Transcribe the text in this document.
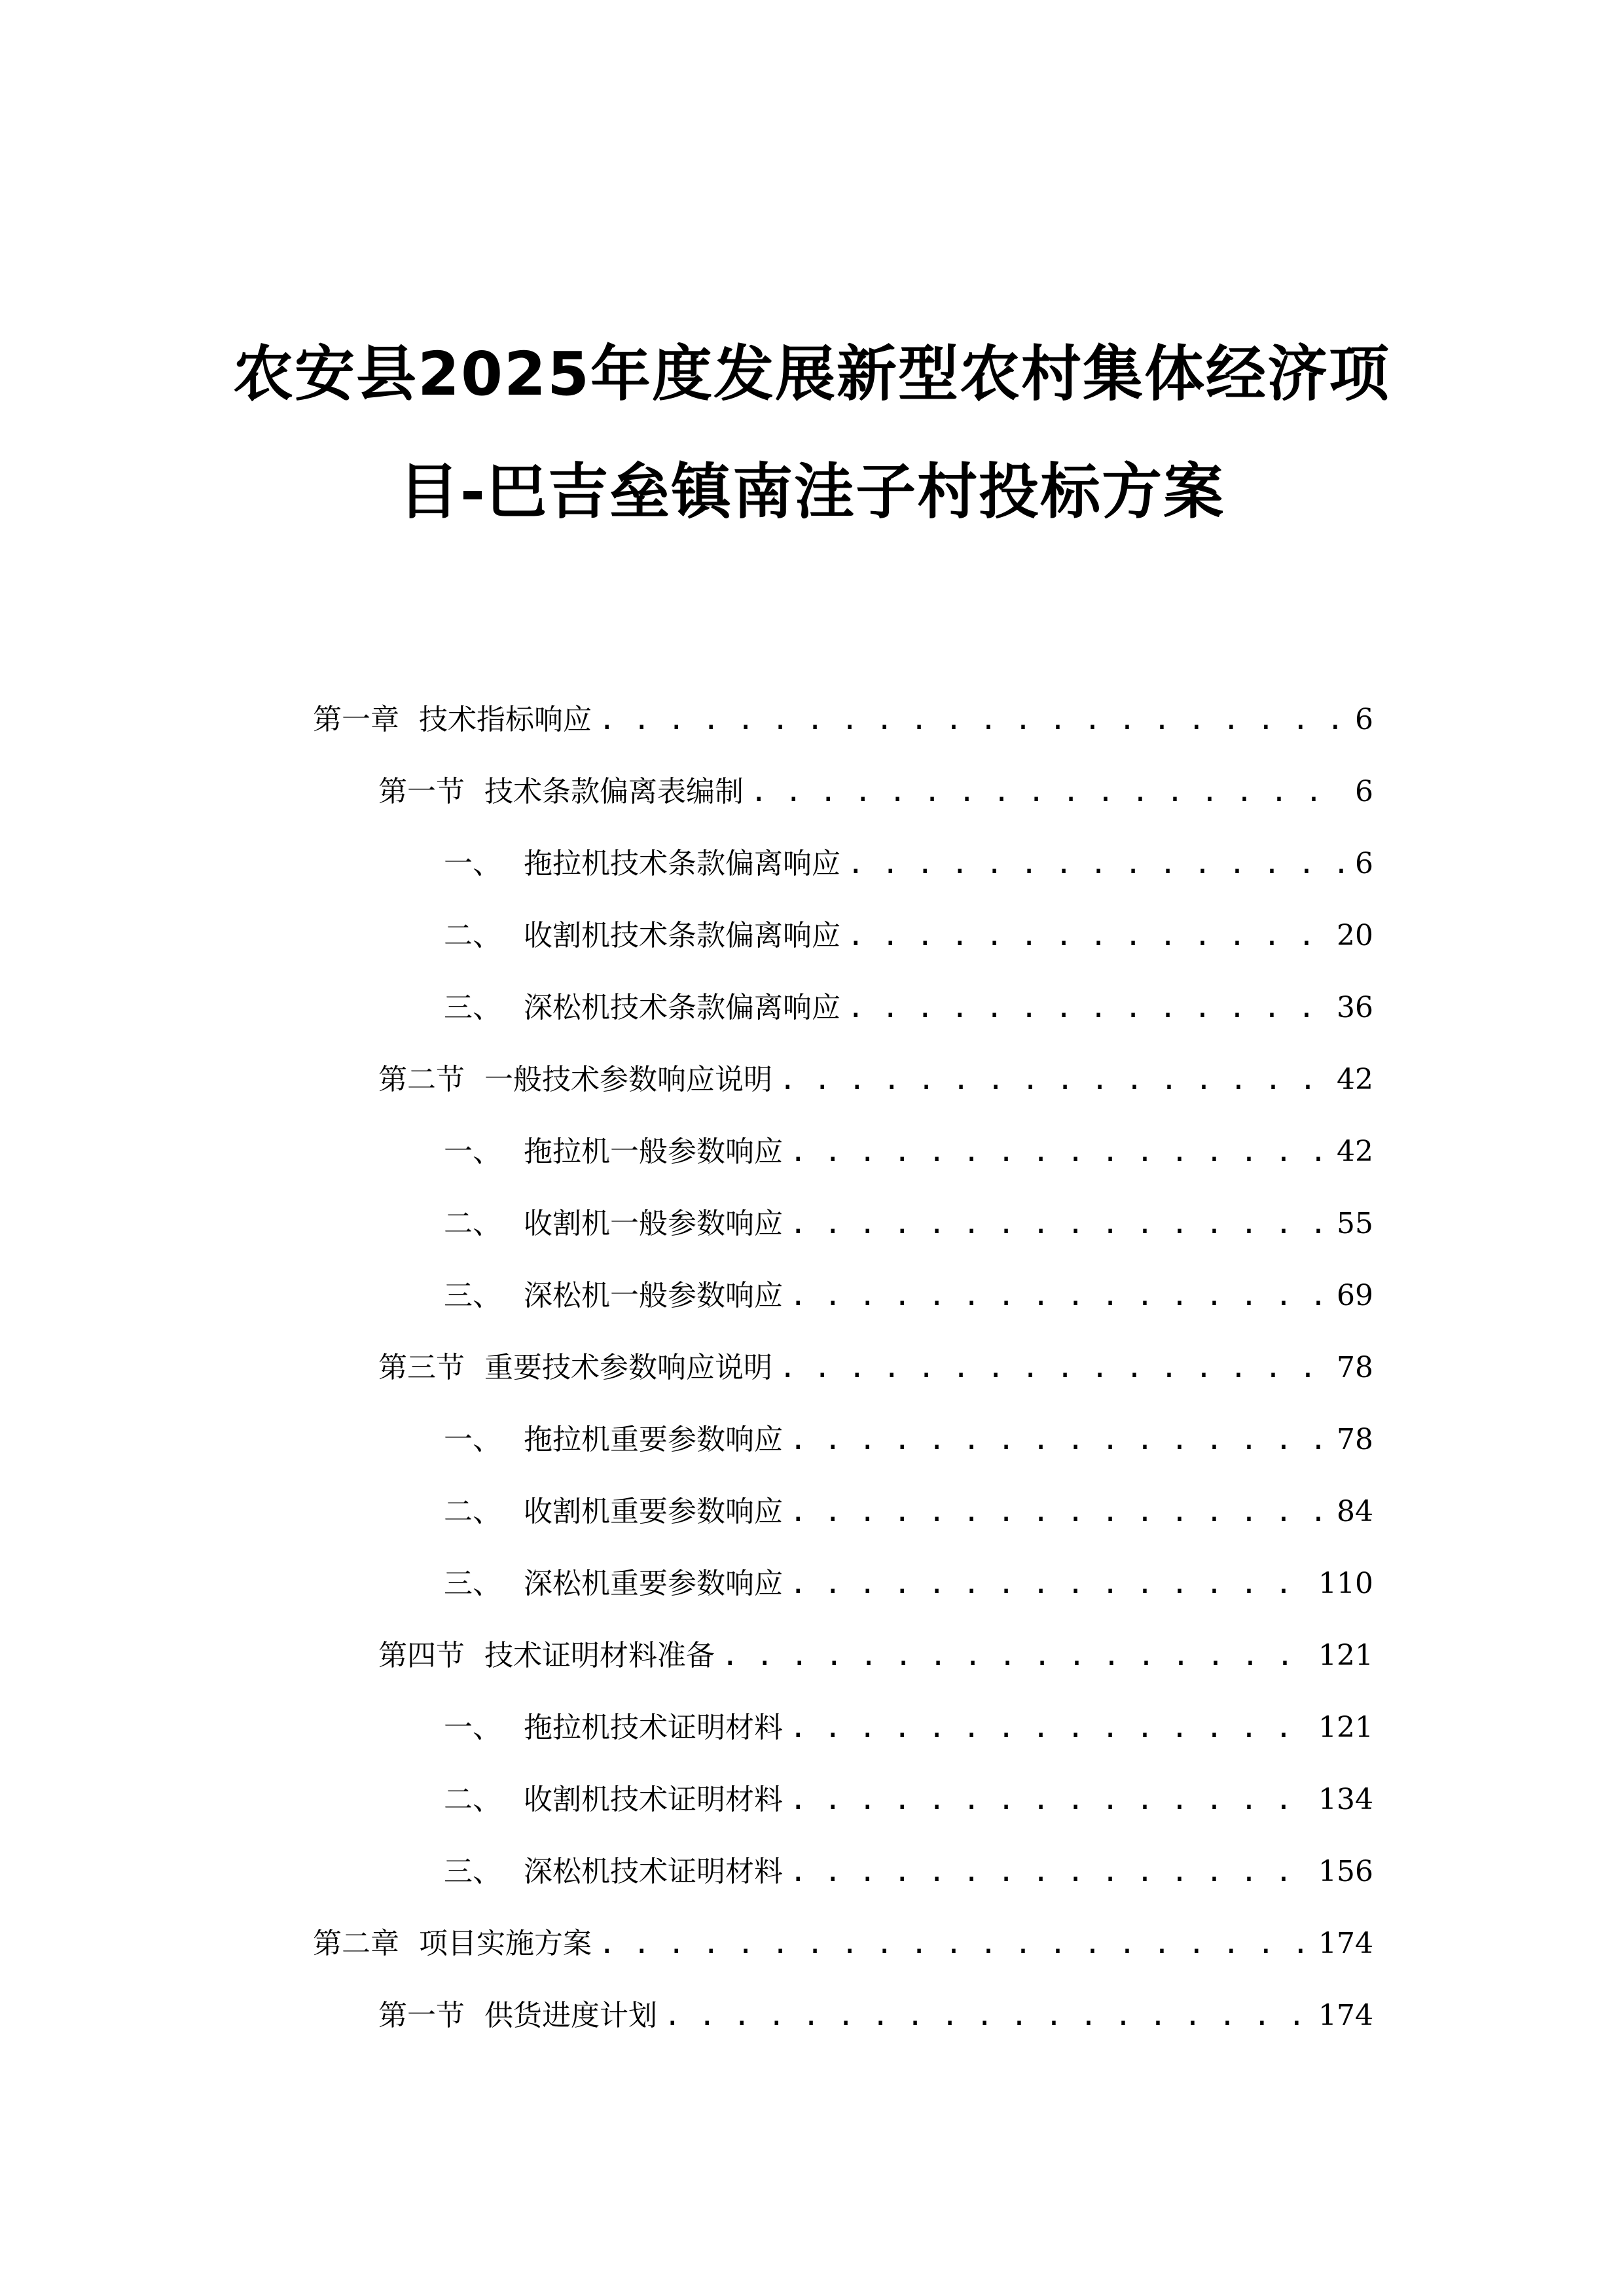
农安县2025年度发展新型农村集体经济项
目-巴吉垒镇南洼子村投标方案
第一章 技术指标响应 . . .	6
第一节 技术条款偏离表编制 . . .	6
一、 拖拉机技术条款偏离响应 . . .	6
二、 收割机技术条款偏离响应 . . .	20
三、 深松机技术条款偏离响应 . . .	36
第二节 一般技术参数响应说明 . . .	42
一、 拖拉机一般参数响应 . . .	42
二、 收割机一般参数响应 . . .	55
三、 深松机一般参数响应 . . .	69
第三节 重要技术参数响应说明 . . .	78
一、 拖拉机重要参数响应 . . .	78
二、 收割机重要参数响应 . . .	84
三、 深松机重要参数响应 . . .	110
第四节 技术证明材料准备 . . .	121
一、 拖拉机技术证明材料 . . .	121
二、 收割机技术证明材料 . . .	134
三、 深松机技术证明材料 . . .	156
第二章 项目实施方案 . . .	174
第一节 供货进度计划 . . .	174
